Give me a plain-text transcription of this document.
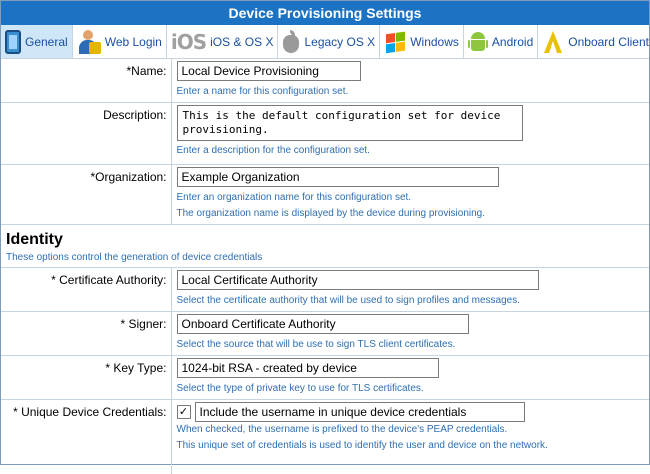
Device Provisioning Settings
General	Web Login iOS iOS & OS X	Legacy OS X	Windows	Android	Onboard Client
*Name:	Local Device Provisioning
Enter a name for this configuration set.

Description:	This is the default configuration set for device provisioning.
Enter a description for the configuration set.

*Organization:	Example Organization
Enter an organization name for this configuration set.
The organization name is displayed by the device during provisioning.
Identity
These options control the generation of device credentials
* Certificate Authority:	Local Certificate Authority
Select the certificate authority that will be used to sign profiles and messages.

* Signer:	Onboard Certificate Authority
Select the source that will be use to sign TLS client certificates.

* Key Type:	1024-bit RSA - created by device
Select the type of private key to use for TLS certificates.

* Unique Device Credentials:	✓ Include the username in unique device credentials
When checked, the username is prefixed to the device's PEAP credentials.
This unique set of credentials is used to identify the user and device on the network.
